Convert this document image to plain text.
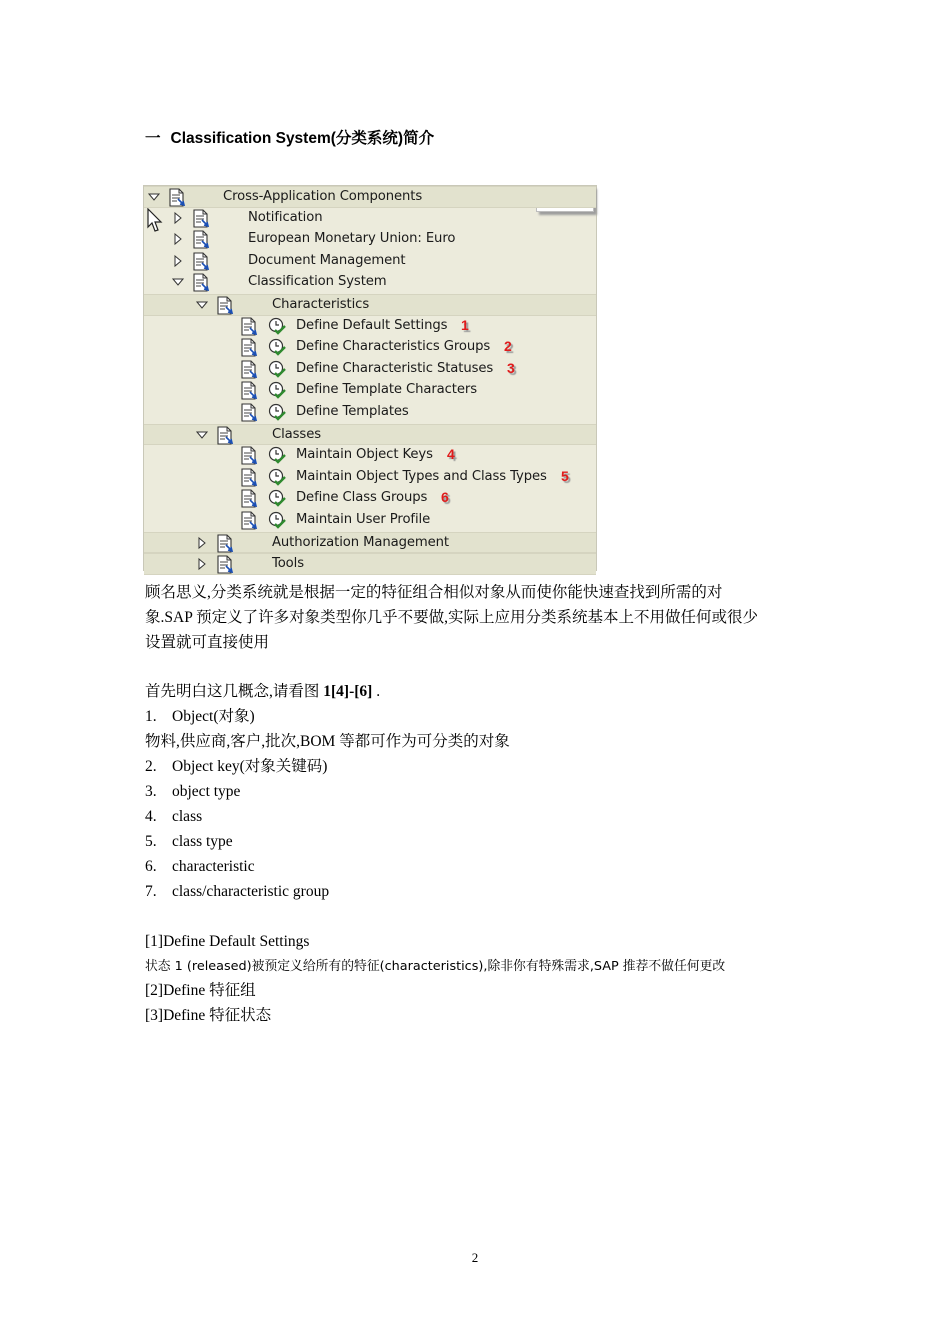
一 Classification System(分类系统)简介
Cross-Application Components
Notification
European Monetary Union: Euro
Document Management
Classification System
Characteristics
Define Default Settings 1
Define Characteristics Groups 2
Define Characteristic Statuses 3
Define Template Characters
Define Templates
Classes
Maintain Object Keys 4
Maintain Object Types and Class Types 5
Define Class Groups 6
Maintain User Profile
Authorization Management
Tools
顾名思义,分类系统就是根据一定的特征组合相似对象从而使你能快速查找到所需的对
象.SAP 预定义了许多对象类型你几乎不要做,实际上应用分类系统基本上不用做任何或很少
设置就可直接使用
首先明白这几概念,请看图 1[4]-[6] .
1. Object(对象)
物料,供应商,客户,批次,BOM 等都可作为可分类的对象
2. Object key(对象关键码)
3. object type
4. class
5. class type
6. characteristic
7. class/characteristic group
[1]Define Default Settings
状态 1 (released)被预定义给所有的特征(characteristics),除非你有特殊需求,SAP 推荐不做任何更改
[2]Define 特征组
[3]Define 特征状态
2
